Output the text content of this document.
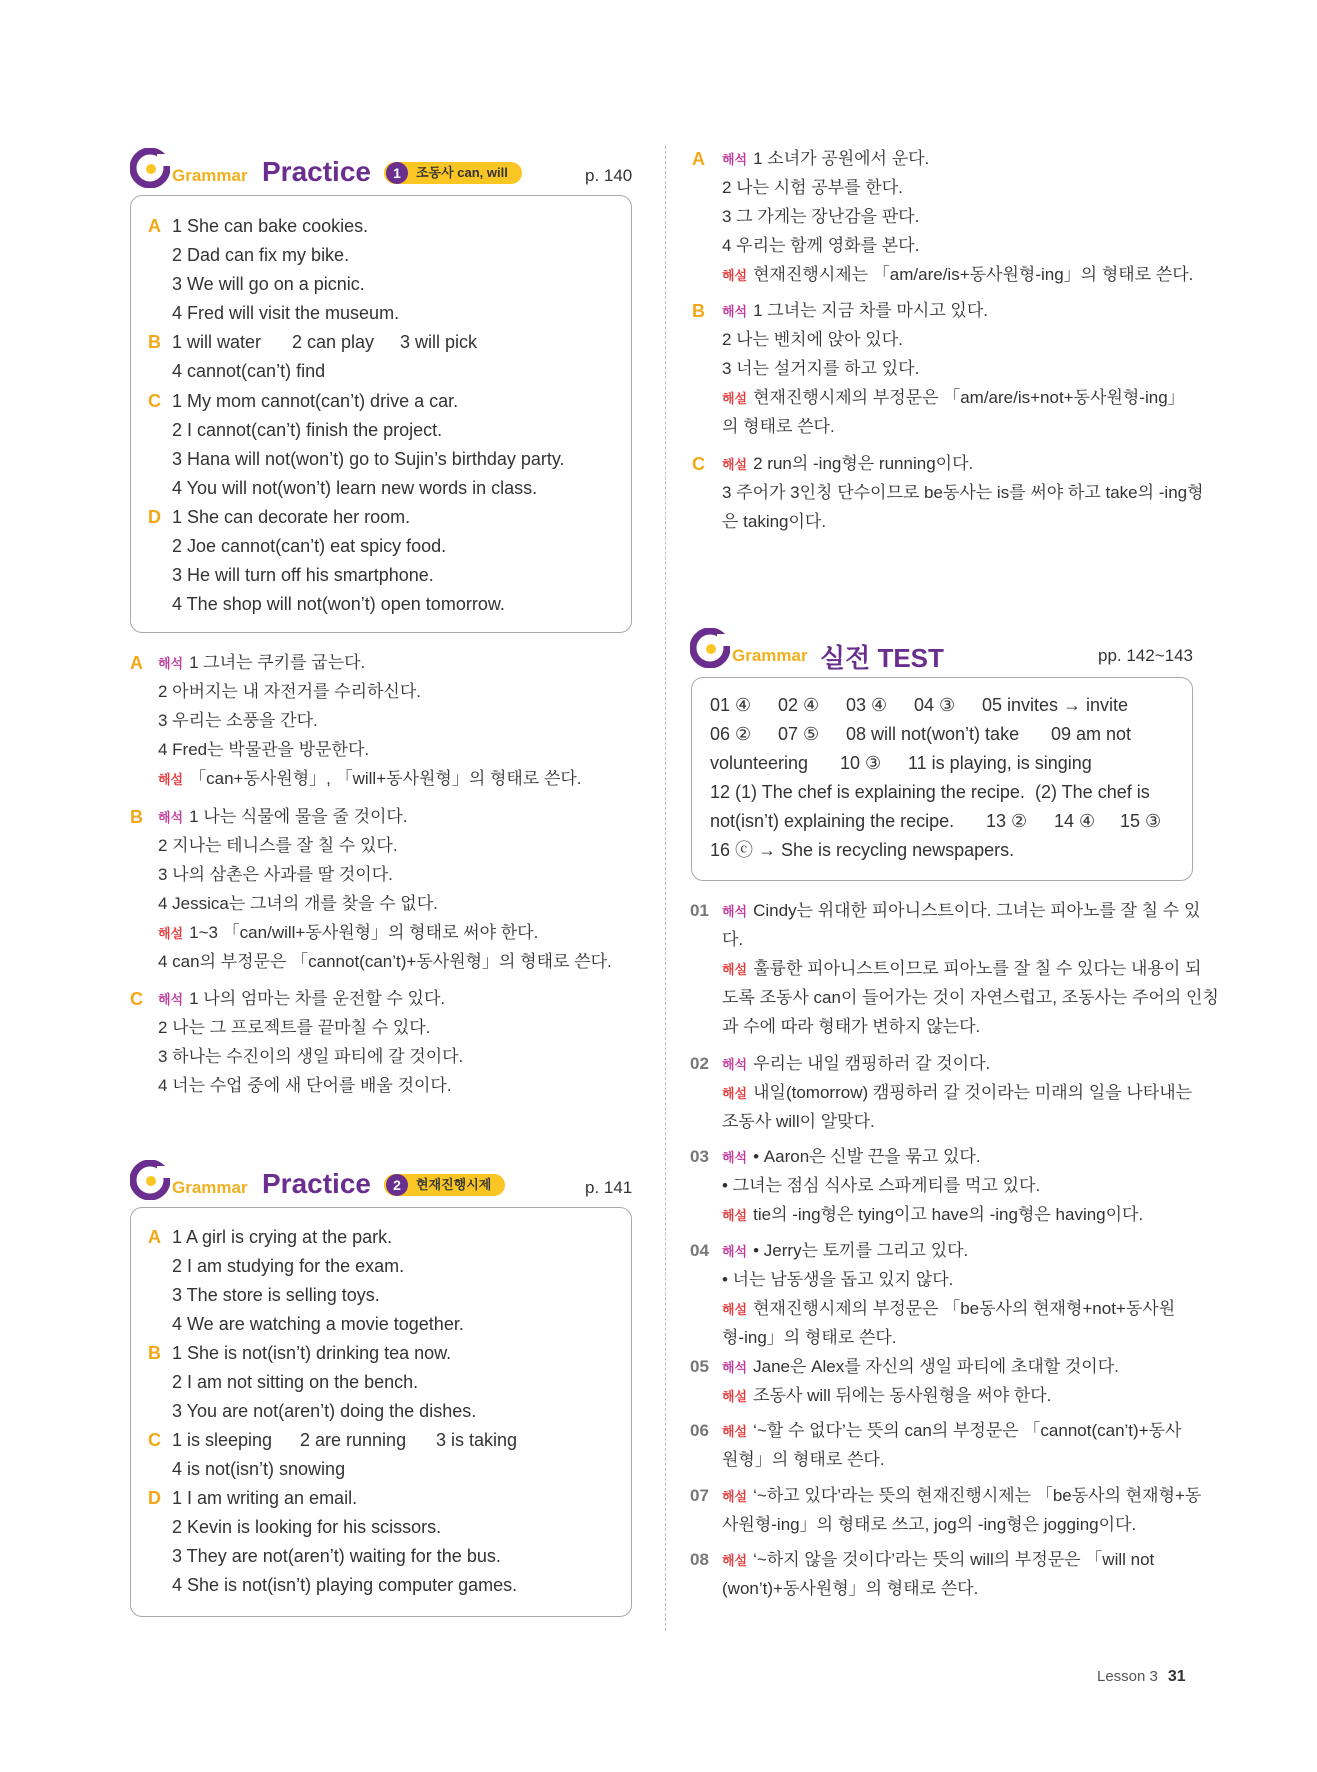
Grammar Practice	1	조동사 can, will	p. 140
A 1 She can bake cookies.
2 Dad can fix my bike.
3 We will go on a picnic.
4 Fred will visit the museum.
B 1 will water 2 can play 3 will pick
4 cannot(can’t) find
C 1 My mom cannot(can’t) drive a car.
2 I cannot(can’t) finish the project.
3 Hana will not(won’t) go to Sujin’s birthday party.
4 You will not(won’t) learn new words in class.
D 1 She can decorate her room.
2 Joe cannot(can’t) eat spicy food.
3 He will turn off his smartphone.
4 The shop will not(won’t) open tomorrow.
A 해석 1 그녀는 쿠키를 굽는다.
2 아버지는 내 자전거를 수리하신다.
3 우리는 소풍을 간다.
4 Fred는 박물관을 방문한다.
해설 「can+동사원형」, 「will+동사원형」의 형태로 쓴다.
B 해석 1 나는 식물에 물을 줄 것이다.
2 지나는 테니스를 잘 칠 수 있다.
3 나의 삼촌은 사과를 딸 것이다.
4 Jessica는 그녀의 개를 찾을 수 없다.
해설 1~3 「can/will+동사원형」의 형태로 써야 한다.
4 can의 부정문은 「cannot(can’t)+동사원형」의 형태로 쓴다.
C 해석 1 나의 엄마는 차를 운전할 수 있다.
2 나는 그 프로젝트를 끝마칠 수 있다.
3 하나는 수진이의 생일 파티에 갈 것이다.
4 너는 수업 중에 새 단어를 배울 것이다.
Grammar Practice	2	현재진행시제	p. 141
A 1 A girl is crying at the park.
2 I am studying for the exam.
3 The store is selling toys.
4 We are watching a movie together.
B 1 She is not(isn’t) drinking tea now.
2 I am not sitting on the bench.
3 You are not(aren’t) doing the dishes.
C 1 is sleeping 2 are running 3 is taking
4 is not(isn’t) snowing
D 1 I am writing an email.
2 Kevin is looking for his scissors.
3 They are not(aren’t) waiting for the bus.
4 She is not(isn’t) playing computer games.
A 해석 1 소녀가 공원에서 운다.
2 나는 시험 공부를 한다.
3 그 가게는 장난감을 판다.
4 우리는 함께 영화를 본다.
해설 현재진행시제는 「am/are/is+동사원형-ing」의 형태로 쓴다.
B 해석 1 그녀는 지금 차를 마시고 있다.
2 나는 벤치에 앉아 있다.
3 너는 설거지를 하고 있다.
해설 현재진행시제의 부정문은 「am/are/is+not+동사원형-ing」
의 형태로 쓴다.
C 해설 2 run의 -ing형은 running이다.
3 주어가 3인칭 단수이므로 be동사는 is를 써야 하고 take의 -ing형
은 taking이다.
Grammar 실전 TEST	pp. 142~143
01 ④ 02 ④ 03 ④ 04 ③ 05 invites → invite
06 ② 07 ⑤ 08 will not(won’t) take 09 am not
volunteering 10 ③ 11 is playing, is singing
12 (1) The chef is explaining the recipe. (2) The chef is
not(isn’t) explaining the recipe. 13 ② 14 ④ 15 ③
16 ⓒ → She is recycling newspapers.
01 해석 Cindy는 위대한 피아니스트이다. 그녀는 피아노를 잘 칠 수 있
다.
해설 훌륭한 피아니스트이므로 피아노를 잘 칠 수 있다는 내용이 되
도록 조동사 can이 들어가는 것이 자연스럽고, 조동사는 주어의 인칭
과 수에 따라 형태가 변하지 않는다.
02 해석 우리는 내일 캠핑하러 갈 것이다.
해설 내일(tomorrow) 캠핑하러 갈 것이라는 미래의 일을 나타내는
조동사 will이 알맞다.
03 해석 • Aaron은 신발 끈을 묶고 있다.
• 그녀는 점심 식사로 스파게티를 먹고 있다.
해설 tie의 -ing형은 tying이고 have의 -ing형은 having이다.
04 해석 • Jerry는 토끼를 그리고 있다.
• 너는 남동생을 돕고 있지 않다.
해설 현재진행시제의 부정문은 「be동사의 현재형+not+동사원
형-ing」의 형태로 쓴다.
05 해석 Jane은 Alex를 자신의 생일 파티에 초대할 것이다.
해설 조동사 will 뒤에는 동사원형을 써야 한다.
06 해설 ‘~할 수 없다’는 뜻의 can의 부정문은 「cannot(can’t)+동사
원형」의 형태로 쓴다.
07 해설 ‘~하고 있다’라는 뜻의 현재진행시제는 「be동사의 현재형+동
사원형-ing」의 형태로 쓰고, jog의 -ing형은 jogging이다.
08 해설 ‘~하지 않을 것이다’라는 뜻의 will의 부정문은 「will not
(won’t)+동사원형」의 형태로 쓴다.
Lesson 3 31
